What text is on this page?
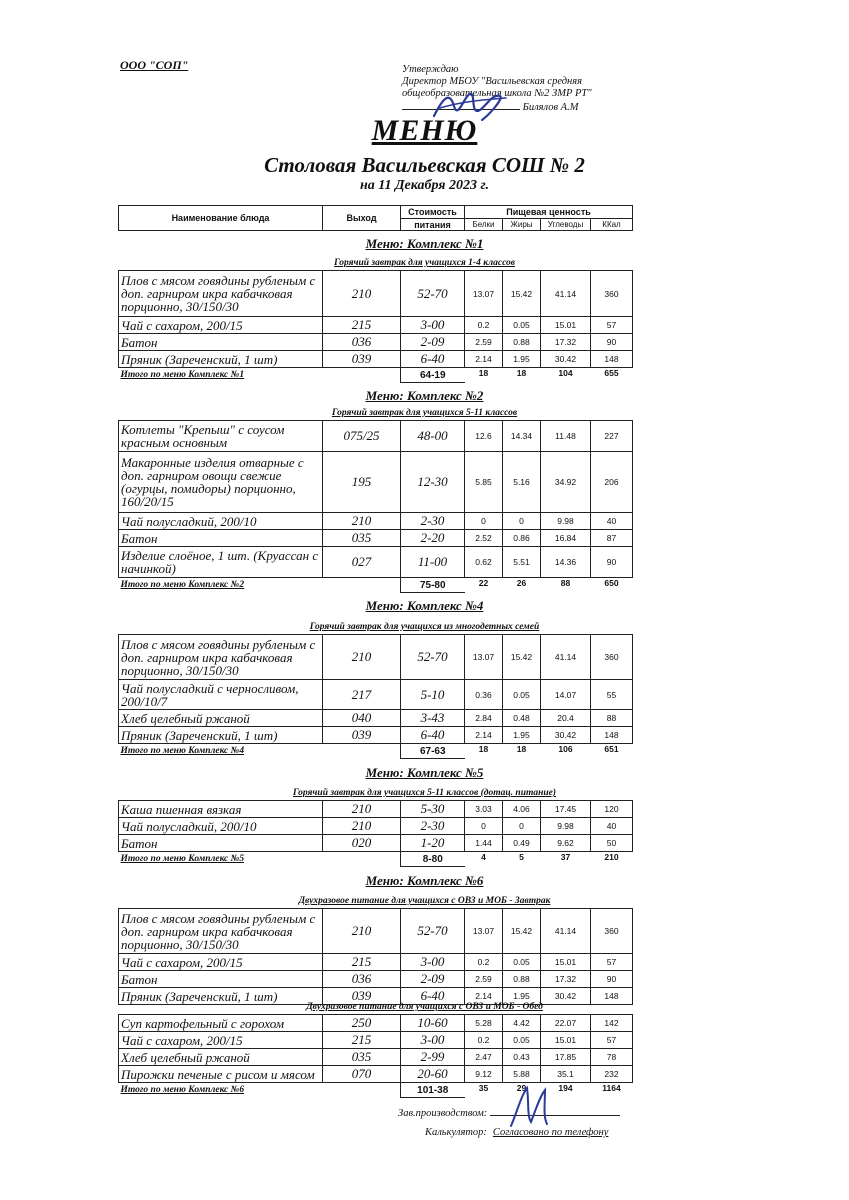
ООО "СОП"	Утверждаю
Директор МБОУ "Васильевская средняя
общеобразовательная школа №2 ЗМР РТ"
Билялов А.М
МЕНЮ
Столовая Васильевская СОШ № 2
на 11 Декабря 2023 г.
Наименование блюда	Выход	Стоимость	Пищевая ценность			
		питания	Белки	Жиры	Углеводы	ККал
Меню: Комплекс №1
Горячий завтрак для учащихся 1-4 классов
Плов с мясом говядины рубленым с доп. гарниром икра кабачковая порционно, 30/150/30	210	52-70	13.07	15.42	41.14	360
Чай с сахаром, 200/15	215	3-00	0.2	0.05	15.01	57
Батон	036	2-09	2.59	0.88	17.32	90
Пряник (Зареченский, 1 шт)	039	6-40	2.14	1.95	30.42	148
Итого по меню Комплекс №1		64-19	18	18	104	655
Меню: Комплекс №2
Горячий завтрак для учащихся 5-11 классов
Котлеты "Крепыш" с соусом красным основным	075/25	48-00	12.6	14.34	11.48	227
Макаронные изделия отварные с доп. гарниром овощи свежие (огурцы, помидоры) порционно, 160/20/15	195	12-30	5.85	5.16	34.92	206
Чай полусладкий, 200/10	210	2-30	0	0	9.98	40
Батон	035	2-20	2.52	0.86	16.84	87
Изделие слоёное, 1 шт. (Круассан с начинкой)	027	11-00	0.62	5.51	14.36	90
Итого по меню Комплекс №2		75-80	22	26	88	650
Меню: Комплекс №4
Горячий завтрак для учащихся из многодетных семей
Плов с мясом говядины рубленым с доп. гарниром икра кабачковая порционно, 30/150/30	210	52-70	13.07	15.42	41.14	360
Чай полусладкий с черносливом, 200/10/7	217	5-10	0.36	0.05	14.07	55
Хлеб целебный ржаной	040	3-43	2.84	0.48	20.4	88
Пряник (Зареченский, 1 шт)	039	6-40	2.14	1.95	30.42	148
Итого по меню Комплекс №4		67-63	18	18	106	651
Меню: Комплекс №5
Горячий завтрак для учащихся 5-11 классов (дотац. питание)
Каша пшенная вязкая	210	5-30	3.03	4.06	17.45	120
Чай полусладкий, 200/10	210	2-30	0	0	9.98	40
Батон	020	1-20	1.44	0.49	9.62	50
Итого по меню Комплекс №5		8-80	4	5	37	210
Меню: Комплекс №6
Двухразовое питание для учащихся с ОВЗ и МОБ - Завтрак
Плов с мясом говядины рубленым с доп. гарниром икра кабачковая порционно, 30/150/30	210	52-70	13.07	15.42	41.14	360
Чай с сахаром, 200/15	215	3-00	0.2	0.05	15.01	57
Батон	036	2-09	2.59	0.88	17.32	90
Пряник (Зареченский, 1 шт)	039	6-40	2.14	1.95	30.42	148
Двухразовое питание для учащихся с ОВЗ и МОБ - Обед
Суп картофельный с горохом	250	10-60	5.28	4.42	22.07	142
Чай с сахаром, 200/15	215	3-00	0.2	0.05	15.01	57
Хлеб целебный ржаной	035	2-99	2.47	0.43	17.85	78
Пирожки печеные с рисом и мясом	070	20-60	9.12	5.88	35.1	232
Итого по меню Комплекс №6		101-38	35	29	194	1164
Зав.производством:
Калькулятор: Согласовано по телефону
